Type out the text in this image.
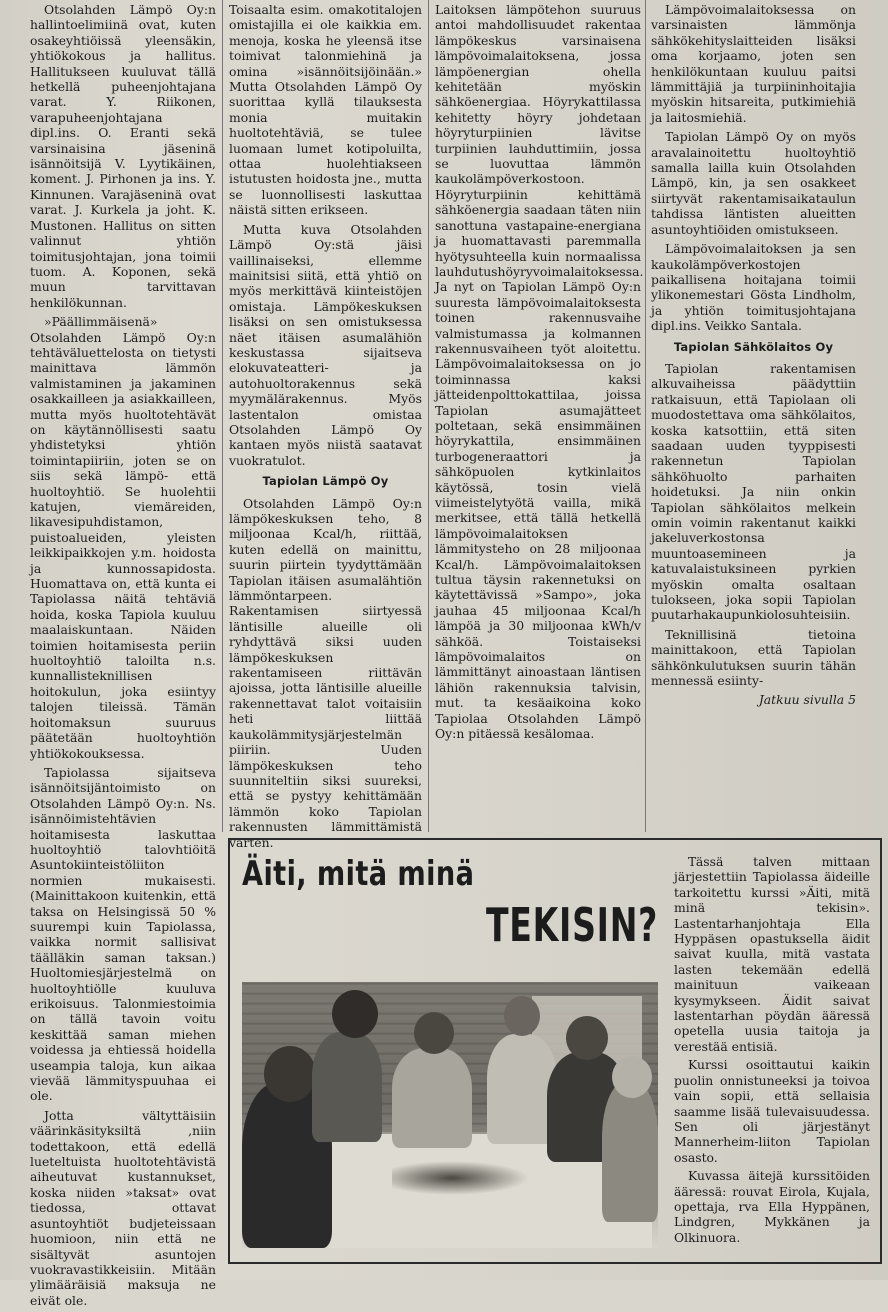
Otsolahden Lämpö Oy:n hallintoelimiinä ovat, kuten osakeyhtiöissä yleensäkin, yhtiökokous ja hallitus. Hallitukseen kuuluvat tällä hetkellä puheenjohtajana varat. Y. Riikonen, varapuheenjohtajana dipl.ins. O. Eranti sekä varsinaisina jäseninä isännöitsijä V. Lyytikäinen, koment. J. Pirhonen ja ins. Y. Kinnunen. Varajäseninä ovat varat. J. Kurkela ja joht. K. Mustonen. Hallitus on sitten valinnut yhtiön toimitusjohtajan, jona toimii tuom. A. Koponen, sekä muun tarvittavan henkilökunnan.

»Päällimmäisenä» Otsolahden Lämpö Oy:n tehtäväluettelosta on tietysti mainittava lämmön valmistaminen ja jakaminen osakkailleen ja asiakkailleen, mutta myös huoltotehtävät on käytännöllisesti saatu yhdistetyksi yhtiön toimintapiiriin, joten se on siis sekä lämpö- että huoltoyhtiö. Se huolehtii katujen, viemäreiden, likavesipuhdistamon, puistoalueiden, yleisten leikkipaikkojen y.m. hoidosta ja kunnossapidosta. Huomattava on, että kunta ei Tapiolassa näitä tehtäviä hoida, koska Tapiola kuuluu maalaiskuntaan. Näiden toimien hoitamisesta periin huoltoyhtiö taloilta n.s. kunnallisteknillisen hoitokulun, joka esiintyy talojen tileissä. Tämän hoitomaksun suuruus päätetään huoltoyhtiön yhtiökokouksessa.

Tapiolassa sijaitseva isännöitsijäntoimisto on Otsolahden Lämpö Oy:n. Ns. isännöimistehtävien hoitamisesta laskuttaa huoltoyhtiö talovhtiöitä Asuntokiinteistöliiton normien mukaisesti. (Mainittakoon kuitenkin, että taksa on Helsingissä 50 % suurempi kuin Tapiolassa, vaikka normit sallisivat täälläkin saman taksan.) Huoltomiesjärjestelmä on huoltoyhtiölle kuuluva erikoisuus. Talonmiestoimia on tällä tavoin voitu keskittää saman miehen voidessa ja ehtiessä hoidella useampia taloja, kun aikaa vievää lämmityspuuhaa ei ole.

Jotta vältyttäisiin väärinkäsityksiltä ,niin todettakoon, että edellä lueteltuista huoltotehtävistä aiheutuvat kustannukset, koska niiden »taksat» ovat tiedossa, ottavat asuntoyhtiöt budjeteissaan huomioon, niin että ne sisältyvät asuntojen vuokravastikkeisiin. Mitään ylimääräisiä maksuja ne eivät ole.

Toisaalta esim. omakotitalojen omistajilla ei ole kaikkia em. menoja, koska he yleensä itse toimivat talonmiehinä ja omina »isännöitsijöinään.» Mutta Otsolahden Lämpö Oy suorittaa kyllä tilauksesta monia muitakin huoltotehtäviä, se tulee luomaan lumet kotipoluilta, ottaa huolehtiakseen istutusten hoidosta jne., mutta se luonnollisesti laskuttaa näistä sitten erikseen.

Mutta kuva Otsolahden Lämpö Oy:stä jäisi vaillinaiseksi, ellemme mainitsisi siitä, että yhtiö on myös merkittävä kiinteistöjen omistaja. Lämpökeskuksen lisäksi on sen omistuksessa näet itäisen asumalähiön keskustassa sijaitseva elokuvateatteri- ja autohuoltorakennus sekä myymälärakennus. Myös lastentalon omistaa Otsolahden Lämpö Oy kantaen myös niistä saatavat vuokratulot.

Tapiolan Lämpö Oy

Otsolahden Lämpö Oy:n lämpökeskuksen teho, 8 miljoonaa Kcal/h, riittää, kuten edellä on mainittu, suurin piirtein tyydyttämään Tapiolan itäisen asumalähtiön lämmöntarpeen. Rakentamisen siirtyessä läntisille alueille oli ryhdyttävä siksi uuden lämpökeskuksen rakentamiseen riittävän ajoissa, jotta läntisille alueille rakennettavat talot voitaisiin heti liittää kaukolämmitysjärjestelmän piiriin. Uuden lämpökeskuksen teho suunniteltiin siksi suureksi, että se pystyy kehittämään lämmön koko Tapiolan rakennusten lämmittämistä varten.

Laitoksen lämpötehon suuruus antoi mahdollisuudet rakentaa lämpökeskus varsinaisena lämpövoimalaitoksena, jossa lämpöenergian ohella kehitetään myöskin sähköenergiaa. Höyrykattilassa kehitetty höyry johdetaan höyryturpiinien lävitse turpiinien lauhduttimiin, jossa se luovuttaa lämmön kaukolämpöverkostoon. Höyryturpiinin kehittämä sähköenergia saadaan täten niin sanottuna vastapaine-energiana ja huomattavasti paremmalla hyötysuhteella kuin normaalissa lauhdutushöyryvoimalaitoksessa. Ja nyt on Tapiolan Lämpö Oy:n suuresta lämpövoimalaitoksesta toinen rakennusvaihe valmistumassa ja kolmannen rakennusvaiheen työt aloitettu. Lämpövoimalaitoksessa on jo toiminnassa kaksi jätteidenpolttokattilaa, joissa Tapiolan asumajätteet poltetaan, sekä ensimmäinen höyrykattila, ensimmäinen turbogeneraattori ja sähköpuolen kytkinlaitos käytössä, tosin vielä viimeistelytyötä vailla, mikä merkitsee, että tällä hetkellä lämpövoimalaitoksen lämmitysteho on 28 miljoonaa Kcal/h. Lämpövoimalaitoksen tultua täysin rakennetuksi on käytettävissä »Sampo», joka jauhaa 45 miljoonaa Kcal/h lämpöä ja 30 miljoonaa kWh/v sähköä. Toistaiseksi lämpövoimalaitos on lämmittänyt ainoastaan läntisen lähiön rakennuksia talvisin, mut. ta kesäaikoina koko Tapiolaa Otsolahden Lämpö Oy:n pitäessä kesälomaa.

Lämpövoimalaitoksessa on varsinaisten lämmönja sähkökehityslaitteiden lisäksi oma korjaamo, joten sen henkilökuntaan kuuluu paitsi lämmittäjiä ja turpiininhoitajia myöskin hitsareita, putkimiehiä ja laitosmiehiä.

Tapiolan Lämpö Oy on myös aravalainoitettu huoltoyhtiö samalla lailla kuin Otsolahden Lämpö, kin, ja sen osakkeet siirtyvät rakentamisaikataulun tahdissa läntisten alueitten asuntoyhtiöiden omistukseen.

Lämpövoimalaitoksen ja sen kaukolämpöverkostojen paikallisena hoitajana toimii ylikonemestari Gösta Lindholm, ja yhtiön toimitusjohtajana dipl.ins. Veikko Santala.

Tapiolan Sähkölaitos Oy

Tapiolan rakentamisen alkuvaiheissa päädyttiin ratkaisuun, että Tapiolaan oli muodostettava oma sähkölaitos, koska katsottiin, että siten saadaan uuden tyyppisesti rakennetun Tapiolan sähköhuolto parhaiten hoidetuksi. Ja niin onkin Tapiolan sähkölaitos melkein omin voimin rakentanut kaikki jakeluverkostonsa muuntoasemineen ja katuvalaistuksineen pyrkien myöskin omalta osaltaan tulokseen, joka sopii Tapiolan puutarhakaupunkiolosuhteisiin.

Teknillisinä tietoina mainittakoon, että Tapiolan sähkönkulutuksen suurin tähän mennessä esiinty-

Jatkuu sivulla 5

Äiti, mitä minä
TEKISIN?

Tässä talven mittaan järjestettiin Tapiolassa äideille tarkoitettu kurssi »Äiti, mitä minä tekisin». Lastentarhanjohtaja Ella Hyppäsen opastuksella äidit saivat kuulla, mitä vastata lasten tekemään edellä mainituun vaikeaan kysymykseen. Äidit saivat lastentarhan pöydän ääressä opetella uusia taitoja ja verestää entisiä.

Kurssi osoittautui kaikin puolin onnistuneeksi ja toivoa vain sopii, että sellaisia saamme lisää tulevaisuudessa. Sen oli järjestänyt Mannerheim-liiton Tapiolan osasto.

Kuvassa äitejä kurssitöiden ääressä: rouvat Eirola, Kujala, opettaja, rva Ella Hyppänen, Lindgren, Mykkänen ja Olkinuora.
